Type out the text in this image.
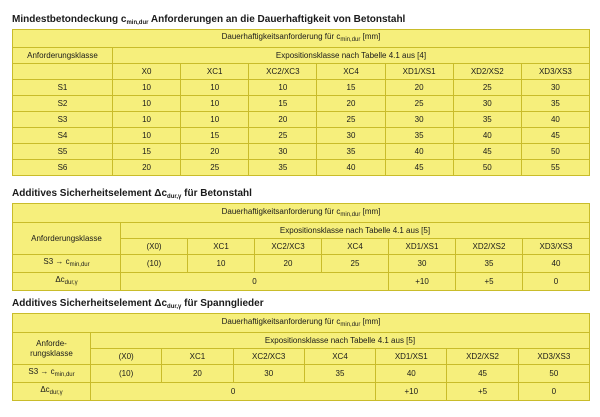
Mindestbetondeckung $c_{min,dur}$ Anforderungen an die Dauerhaftigkeit von Betonstahl
Dauerhaftigkeitsanforderung für $c_{min,dur}$ [mm]							
Anforderungsklasse	Expositionsklasse nach Tabelle 4.1 aus [4]						
	X0	XC1	XC2/XC3	XC4	XD1/XS1	XD2/XS2	XD3/XS3
S1	10	10	10	15	20	25	30
S2	10	10	15	20	25	30	35
S3	10	10	20	25	30	35	40
S4	10	15	25	30	35	40	45
S5	15	20	30	35	40	45	50
S6	20	25	35	40	45	50	55
Additives Sicherheitselement $\Delta c_{dur,\gamma}$ für Betonstahl
Dauerhaftigkeitsanforderung für $c_{min,dur}$ [mm]							
Anforderungsklasse	Expositionsklasse nach Tabelle 4.1 aus [5]						
	(X0)	XC1	XC2/XC3	XC4	XD1/XS1	XD2/XS2	XD3/XS3
$S3 \to c_{min,dur}$	(10)	10	20	25	30	35	40
$\Delta c_{dur,\gamma}$	0				+10	+5	0
Additives Sicherheitselement $\Delta c_{dur,\gamma}$ für Spannglieder
Dauerhaftigkeitsanforderung für $c_{min,dur}$ [mm]							
Anforde-
rungsklasse	Expositionsklasse nach Tabelle 4.1 aus [5]						
	(X0)	XC1	XC2/XC3	XC4	XD1/XS1	XD2/XS2	XD3/XS3
$S3 \to c_{min,dur}$	(10)	20	30	35	40	45	50
$\Delta c_{dur,\gamma}$	0				+10	+5	0
